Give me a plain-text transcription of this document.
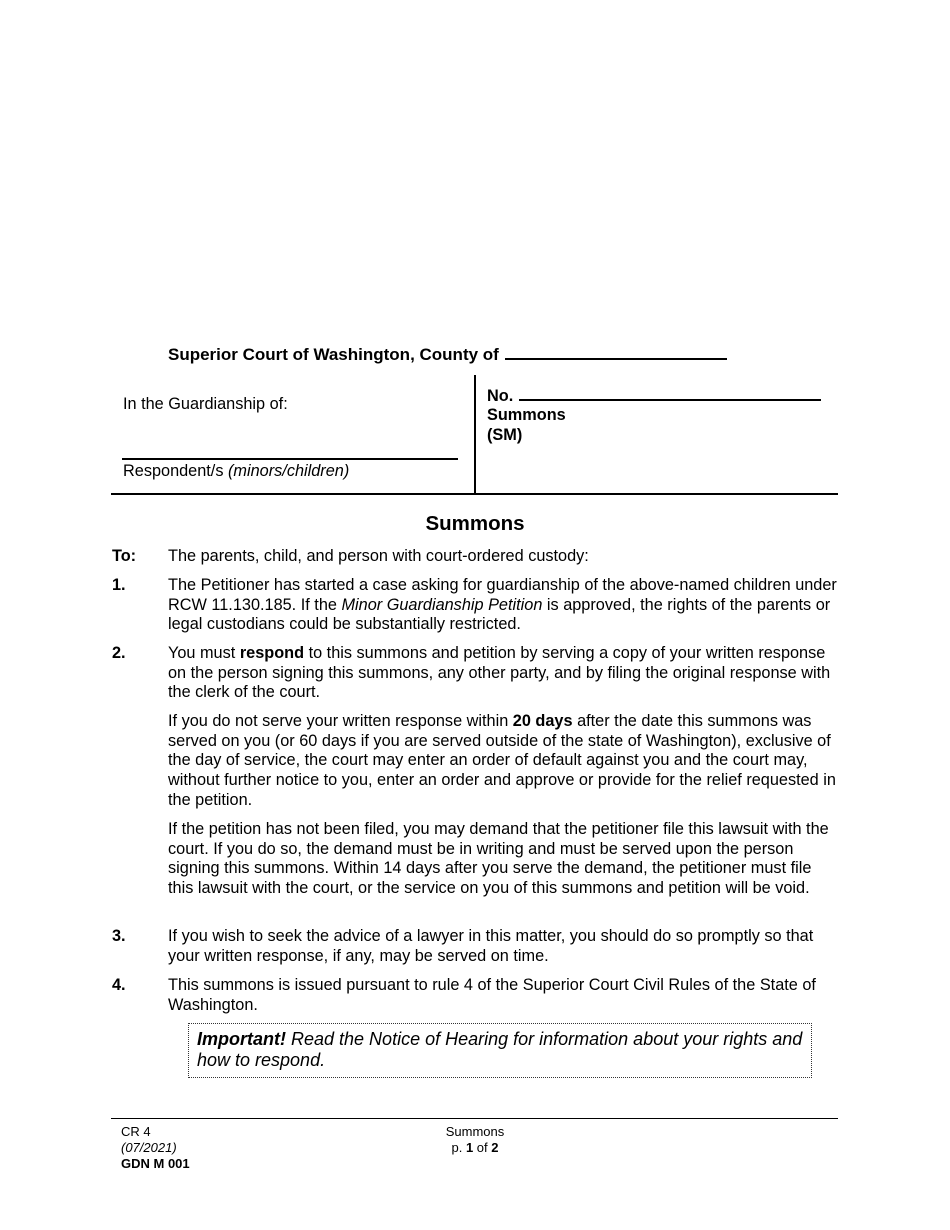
Superior Court of Washington, County of
In the Guardianship of:
Respondent/s (minors/children)
No.
Summons
(SM)
Summons
To: The parents, child, and person with court-ordered custody:
1.	The Petitioner has started a case asking for guardianship of the above-named children under RCW 11.130.185. If the Minor Guardianship Petition is approved, the rights of the parents or legal custodians could be substantially restricted.
2.	You must respond to this summons and petition by serving a copy of your written response on the person signing this summons, any other party, and by filing the original response with the clerk of the court.
If you do not serve your written response within 20 days after the date this summons was served on you (or 60 days if you are served outside of the state of Washington), exclusive of the day of service, the court may enter an order of default against you and the court may, without further notice to you, enter an order and approve or provide for the relief requested in the petition.
If the petition has not been filed, you may demand that the petitioner file this lawsuit with the court. If you do so, the demand must be in writing and must be served upon the person signing this summons. Within 14 days after you serve the demand, the petitioner must file this lawsuit with the court, or the service on you of this summons and petition will be void.
3.	If you wish to seek the advice of a lawyer in this matter, you should do so promptly so that your written response, if any, may be served on time.
4.	This summons is issued pursuant to rule 4 of the Superior Court Civil Rules of the State of Washington.
Important! Read the Notice of Hearing for information about your rights and how to respond.
CR 4
(07/2021)
GDN M 001
Summons
p. 1 of 2
